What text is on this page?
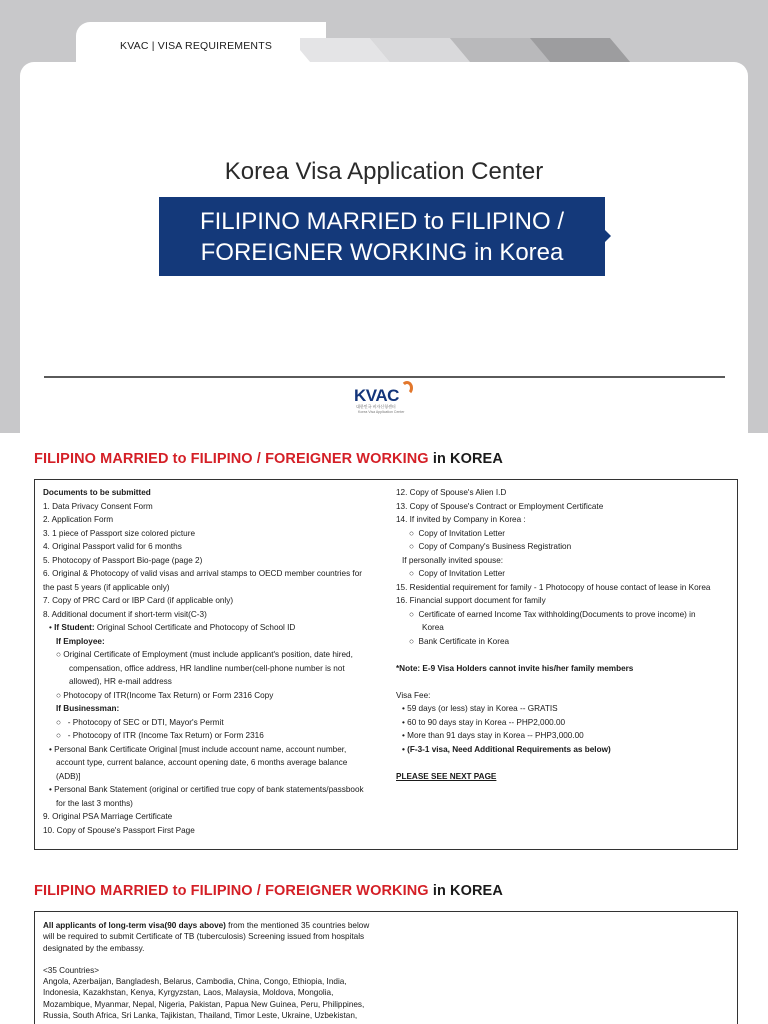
KVAC | VISA REQUIREMENTS
Korea Visa Application Center
FILIPINO MARRIED to FILIPINO /
FOREIGNER WORKING in Korea
KVAC
대한민국 비자신청센터
Korea Visa Application Center
FILIPINO MARRIED to FILIPINO / FOREIGNER WORKING in KOREA
Documents to be submitted
1. Data Privacy Consent Form
2. Application Form
3. 1 piece of Passport size colored picture
4. Original Passport valid for 6 months
5. Photocopy of Passport Bio-page (page 2)
6. Original & Photocopy of valid visas and arrival stamps to OECD member countries for
the past 5 years (if applicable only)
7. Copy of PRC Card or IBP Card (if applicable only)
8. Additional document if short-term visit(C-3)
• If Student: Original School Certificate and Photocopy of School ID
If Employee:
○ Original Certificate of Employment (must include applicant's position, date hired,
compensation, office address, HR landline number(cell-phone number is not
allowed), HR e-mail address
○ Photocopy of ITR(Income Tax Return) or Form 2316 Copy
If Businessman:
○   - Photocopy of SEC or DTI, Mayor's Permit
○   - Photocopy of ITR (Income Tax Return) or Form 2316
• Personal Bank Certificate Original [must include account name, account number,
account type, current balance, account opening date, 6 months average balance
(ADB)]
• Personal Bank Statement (original or certified true copy of bank statements/passbook
for the last 3 months)
9. Original PSA Marriage Certificate
10. Copy of Spouse's Passport First Page
12. Copy of Spouse's Alien I.D
13. Copy of Spouse's Contract or Employment Certificate
14. If invited by Company in Korea :
○  Copy of Invitation Letter
○  Copy of Company's Business Registration
If personally invited spouse:
○  Copy of Invitation Letter
15. Residential requirement for family - 1 Photocopy of house contact of lease in Korea
16. Financial support document for family
○  Certificate of earned Income Tax withholding(Documents to prove income) in
Korea
○  Bank Certificate in Korea
*Note: E-9 Visa Holders cannot invite his/her family members
Visa Fee:
• 59 days (or less) stay in Korea -- GRATIS
• 60 to 90 days stay in Korea -- PHP2,000.00
• More than 91 days stay in Korea -- PHP3,000.00
• (F-3-1 visa, Need Additional Requirements as below)
PLEASE SEE NEXT PAGE
FILIPINO MARRIED to FILIPINO / FOREIGNER WORKING in KOREA

All applicants of long-term visa(90 days above) from the mentioned 35 countries below will be required to submit Certificate of TB (tuberculosis) Screening issued from hospitals designated by the embassy.

<35 Countries>

Angola, Azerbaijan, Bangladesh, Belarus, Cambodia, China, Congo, Ethiopia, India, Indonesia, Kazakhstan, Kenya, Kyrgyzstan, Laos, Malaysia, Moldova, Mongolia, Mozambique, Myanmar, Nepal, Nigeria, Pakistan, Papua New Guinea, Peru, Philippines, Russia, South Africa, Sri Lanka, Tajikistan, Thailand, Timor Leste, Ukraine, Uzbekistan,
